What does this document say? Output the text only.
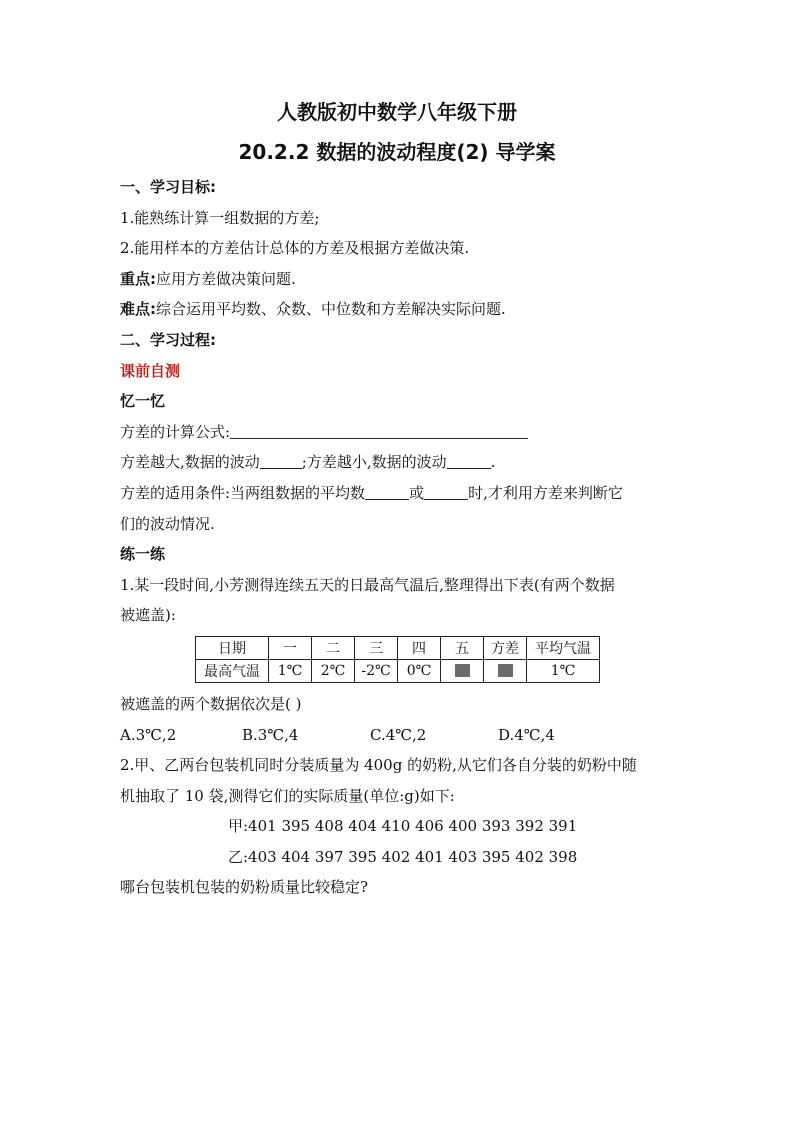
人教版初中数学八年级下册
20.2.2 数据的波动程度(2) 导学案
一、学习目标:
1.能熟练计算一组数据的方差;
2.能用样本的方差估计总体的方差及根据方差做决策.
重点:应用方差做决策问题.
难点:综合运用平均数、众数、中位数和方差解决实际问题.
二、学习过程:
课前自测
忆一忆
方差的计算公式:
方差越大,数据的波动	;方差越小,数据的波动	.
方差的适用条件:当两组数据的平均数	或	时,才利用方差来判断它
们的波动情况.
练一练
1.某一段时间,小芳测得连续五天的日最高气温后,整理得出下表(有两个数据
被遮盖):
日期	一	二	三	四	五	方差	平均气温
最高气温	1℃	2℃	-2℃	0℃			1℃
被遮盖的两个数据依次是( )
A.3℃,2	B.3℃,4	C.4℃,2	D.4℃,4
2.甲、乙两台包装机同时分装质量为 400g 的奶粉,从它们各自分装的奶粉中随
机抽取了 10 袋,测得它们的实际质量(单位:g)如下:
甲:401 395 408 404 410 406 400 393 392 391
乙:403 404 397 395 402 401 403 395 402 398
哪台包装机包装的奶粉质量比较稳定?
